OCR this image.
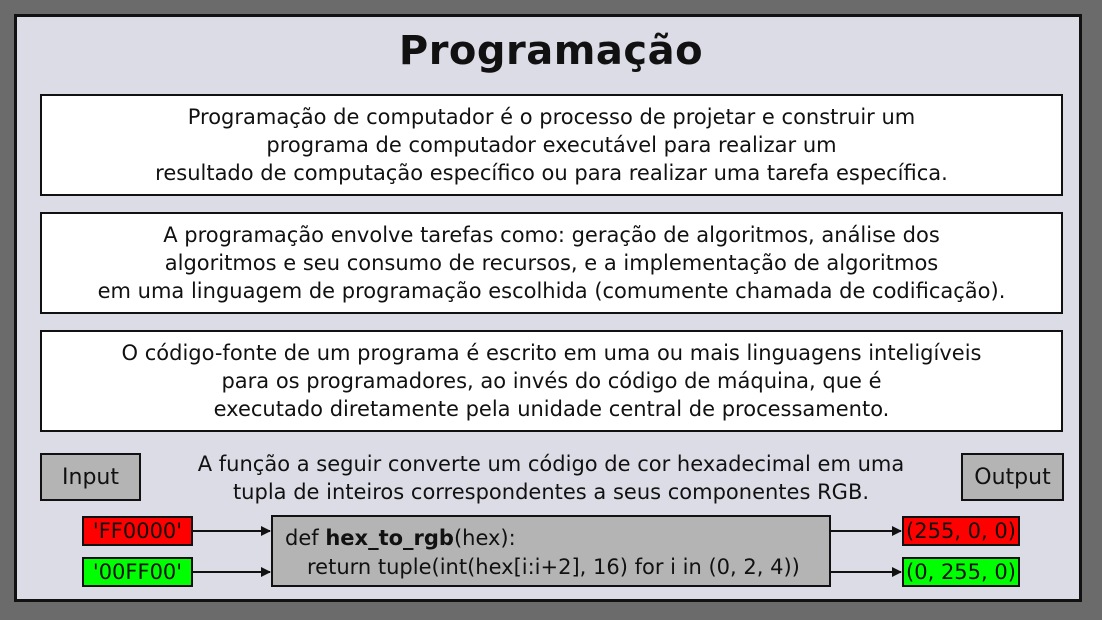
Programação
Programação de computador é o processo de projetar e construir um
programa de computador executável para realizar um
resultado de computação específico ou para realizar uma tarefa específica.
A programação envolve tarefas como: geração de algoritmos, análise dos
algoritmos e seu consumo de recursos, e a implementação de algoritmos
em uma linguagem de programação escolhida (comumente chamada de codificação).
O código-fonte de um programa é escrito em uma ou mais linguagens inteligíveis
para os programadores, ao invés do código de máquina, que é
executado diretamente pela unidade central de processamento.
Input	Output
A função a seguir converte um código de cor hexadecimal em uma
tupla de inteiros correspondentes a seus componentes RGB.
'FF0000'
'00FF00'
def hex_to_rgb(hex):
return tuple(int(hex[i:i+2], 16) for i in (0, 2, 4))
(255, 0, 0)
(0, 255, 0)
